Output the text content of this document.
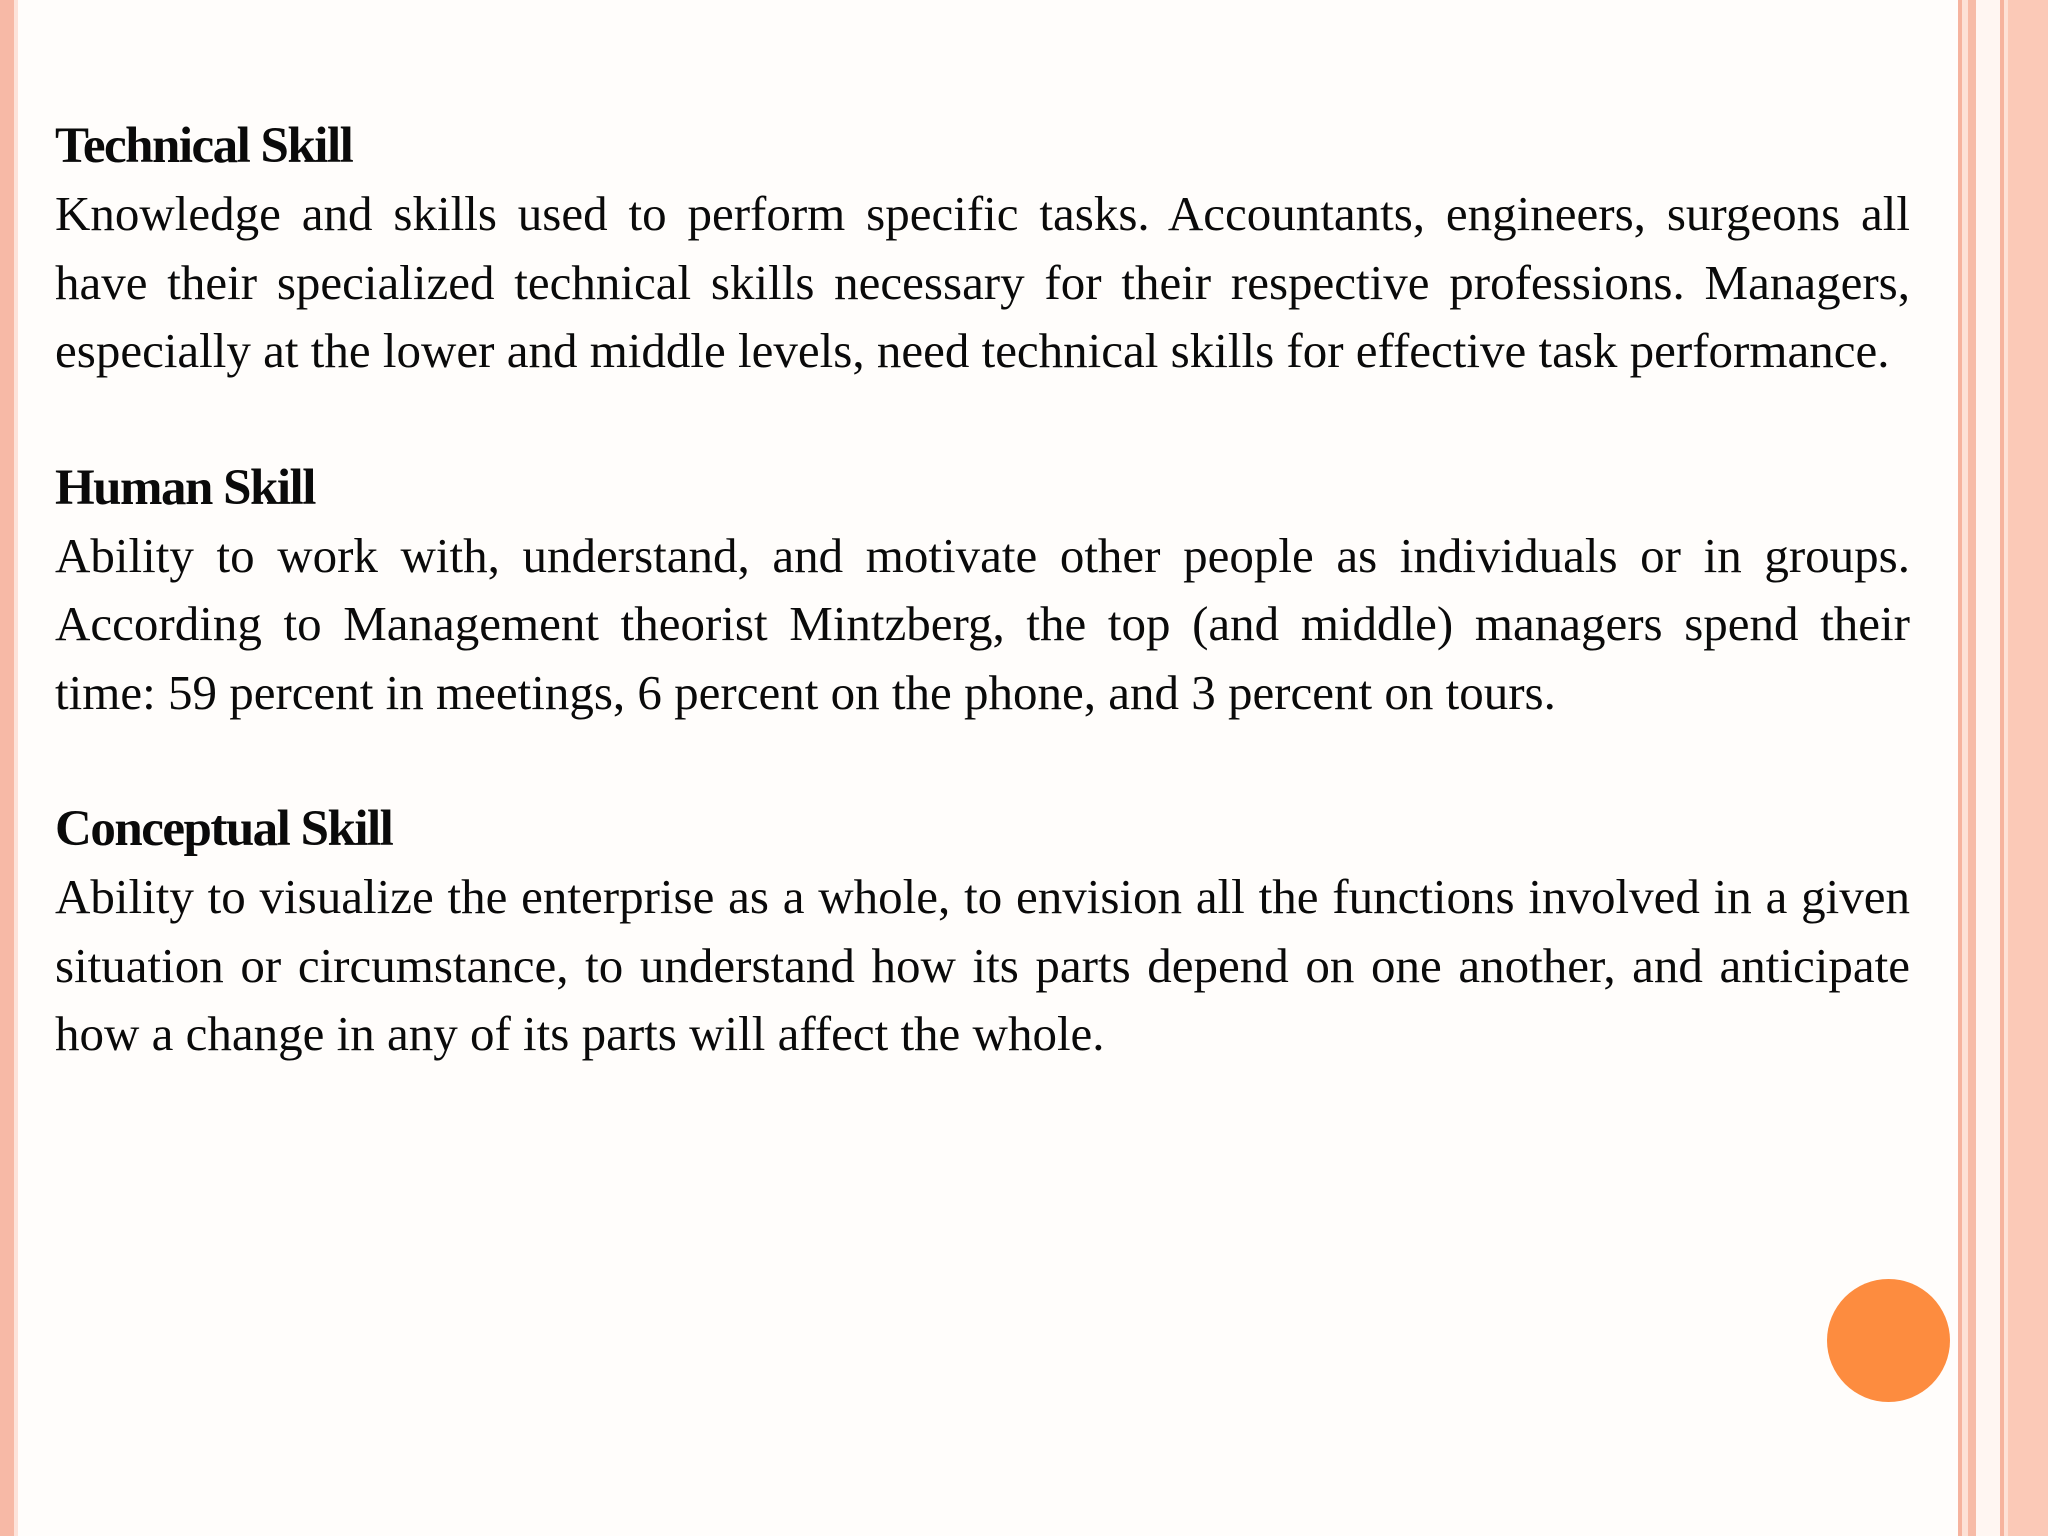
Technical Skill

Knowledge and skills used to perform specific tasks. Accountants, engineers, surgeons all have their specialized technical skills necessary for their respective professions. Managers, especially at the lower and middle levels, need technical skills for effective task performance.

Human Skill

Ability to work with, understand, and motivate other people as individuals or in groups. According to Management theorist Mintzberg, the top (and middle) managers spend their time: 59 percent in meetings, 6 percent on the phone, and 3 percent on tours.

Conceptual Skill

Ability to visualize the enterprise as a whole, to envision all the functions involved in a given situation or circumstance, to understand how its parts depend on one another, and anticipate how a change in any of its parts will affect the whole.
